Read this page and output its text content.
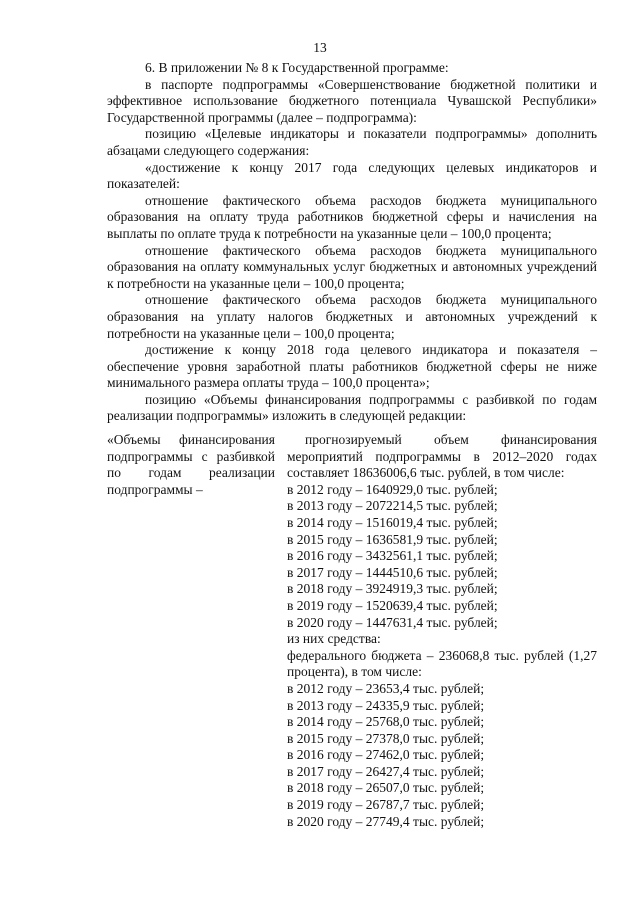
13

6. В приложении № 8 к Государственной программе:

в паспорте подпрограммы «Совершенствование бюджетной политики и эффективное использование бюджетного потенциала Чувашской Республики» Государственной программы (далее – подпрограмма):

позицию «Целевые индикаторы и показатели подпрограммы» дополнить абзацами следующего содержания:

«достижение к концу 2017 года следующих целевых индикаторов и показателей:

отношение фактического объема расходов бюджета муниципального образования на оплату труда работников бюджетной сферы и начисления на выплаты по оплате труда к потребности на указанные цели – 100,0 процента;

отношение фактического объема расходов бюджета муниципального образования на оплату коммунальных услуг бюджетных и автономных учреждений к потребности на указанные цели – 100,0 процента;

отношение фактического объема расходов бюджета муниципального образования на уплату налогов бюджетных и автономных учреждений к потребности на указанные цели – 100,0 процента;

достижение к концу 2018 года целевого индикатора и показателя – обеспечение уровня заработной платы работников бюджетной сферы не ниже минимального размера оплаты труда – 100,0 процента»;

позицию «Объемы финансирования подпрограммы с разбивкой по годам реализации подпрограммы» изложить в следующей редакции:

«Объемы финансирования подпрограммы с разбивкой по годам реализации подпрограммы –
прогнозируемый объем финансирования мероприятий подпрограммы в 2012–2020 годах составляет 18636006,6 тыс. рублей, в том числе:
в 2012 году – 1640929,0 тыс. рублей;
в 2013 году – 2072214,5 тыс. рублей;
в 2014 году – 1516019,4 тыс. рублей;
в 2015 году – 1636581,9 тыс. рублей;
в 2016 году – 3432561,1 тыс. рублей;
в 2017 году – 1444510,6 тыс. рублей;
в 2018 году – 3924919,3 тыс. рублей;
в 2019 году – 1520639,4 тыс. рублей;
в 2020 году – 1447631,4 тыс. рублей;
из них средства:
федерального бюджета – 236068,8 тыс. рублей (1,27 процента), в том числе:
в 2012 году – 23653,4 тыс. рублей;
в 2013 году – 24335,9 тыс. рублей;
в 2014 году – 25768,0 тыс. рублей;
в 2015 году – 27378,0 тыс. рублей;
в 2016 году – 27462,0 тыс. рублей;
в 2017 году – 26427,4 тыс. рублей;
в 2018 году – 26507,0 тыс. рублей;
в 2019 году – 26787,7 тыс. рублей;
в 2020 году – 27749,4 тыс. рублей;
